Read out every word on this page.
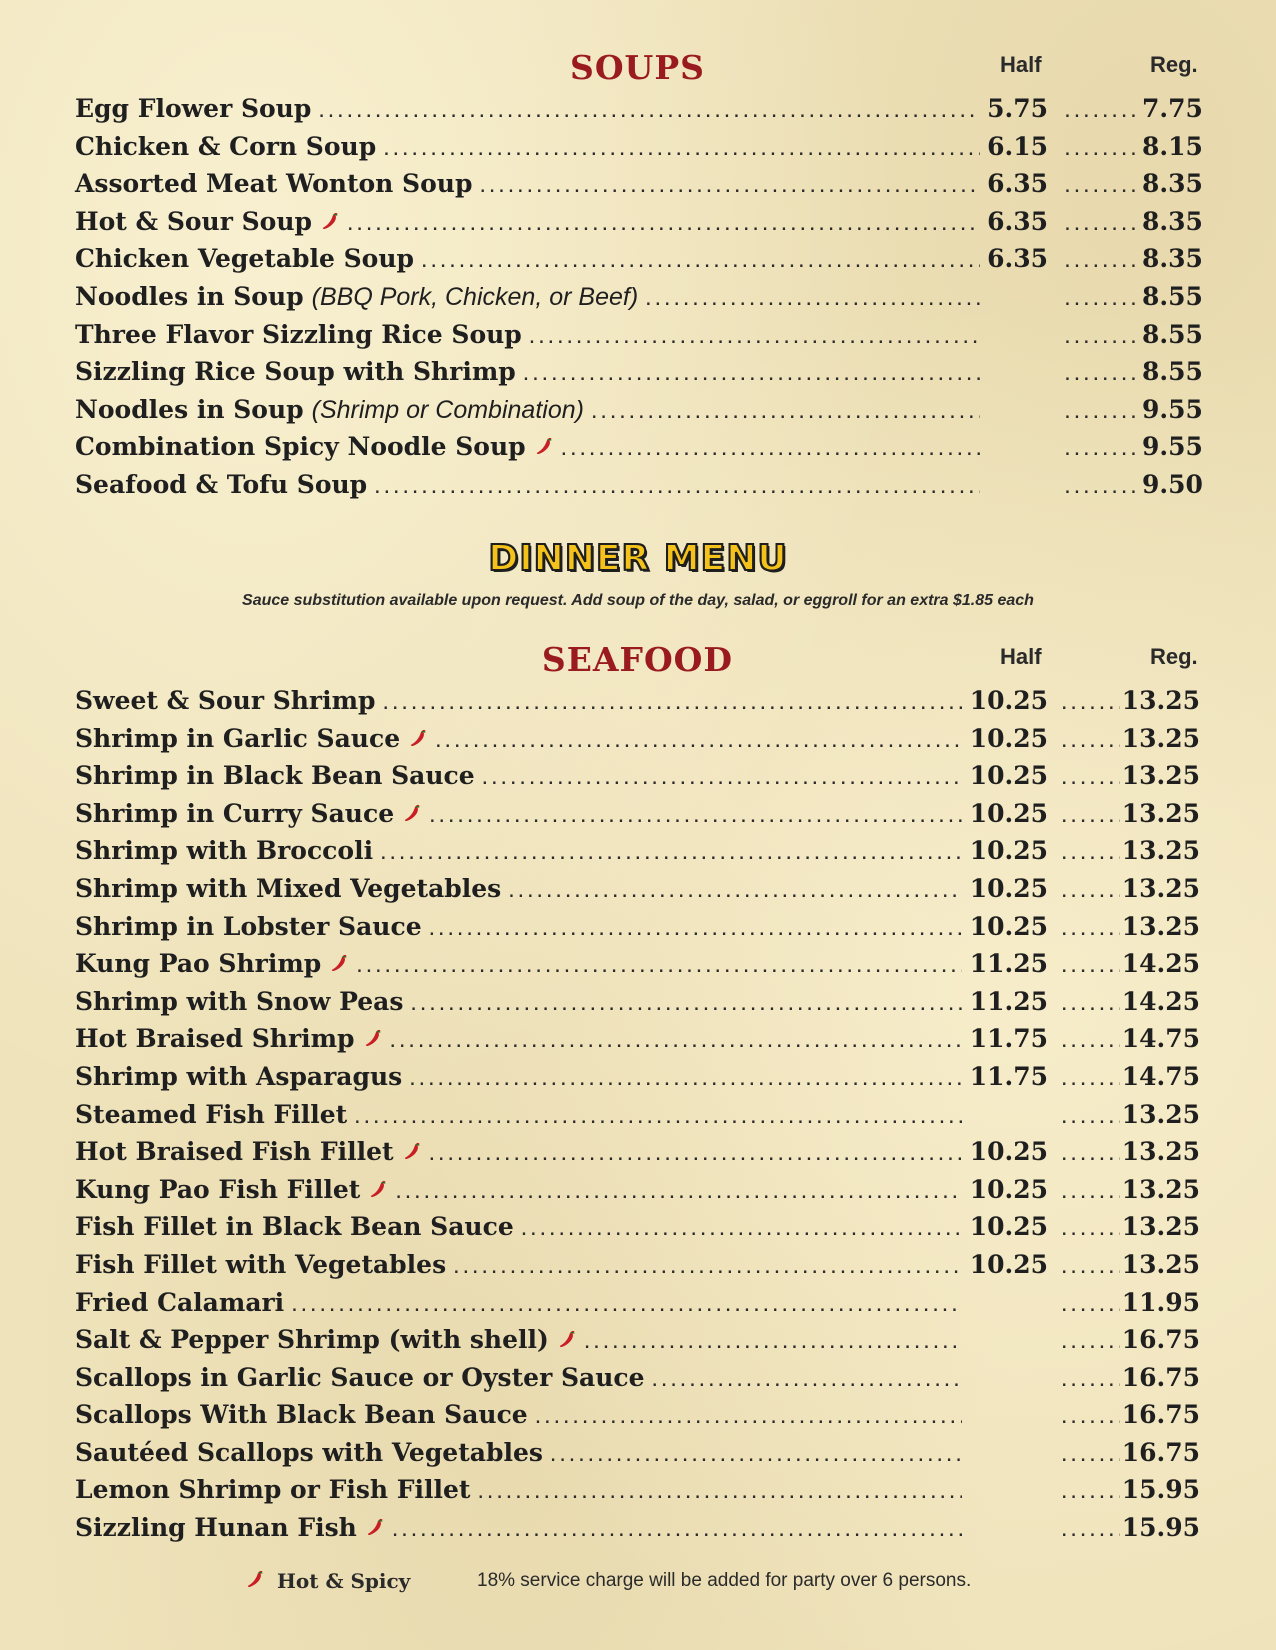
SOUPS	Half	Reg.
Egg Flower Soup .....	5.75 ........	7.75
Chicken & Corn Soup .....	6.15 ........	8.15
Assorted Meat Wonton Soup .....	6.35 ........	8.35
Hot & Sour Soup .....	6.35 ........	8.35
Chicken Vegetable Soup .....	6.35 ........	8.35
Noodles in Soup (BBQ Pork, Chicken, or Beef) ..... ........	8.55
Three Flavor Sizzling Rice Soup ..... ........	8.55
Sizzling Rice Soup with Shrimp ..... ........	8.55
Noodles in Soup (Shrimp or Combination) ..... ........	9.55
Combination Spicy Noodle Soup ..... ........	9.55
Seafood & Tofu Soup ..... ........	9.50
DINNER MENU
Sauce substitution available upon request. Add soup of the day, salad, or eggroll for an extra $1.85 each
SEAFOOD	Half	Reg.
Sweet & Sour Shrimp .....	10.25 ........	13.25
Shrimp in Garlic Sauce .....	10.25 ........	13.25
Shrimp in Black Bean Sauce .....	10.25 ........	13.25
Shrimp in Curry Sauce .....	10.25 ........	13.25
Shrimp with Broccoli .....	10.25 ........	13.25
Shrimp with Mixed Vegetables .....	10.25 ........	13.25
Shrimp in Lobster Sauce .....	10.25 ........	13.25
Kung Pao Shrimp .....	11.25 ........	14.25
Shrimp with Snow Peas .....	11.25 ........	14.25
Hot Braised Shrimp .....	11.75 ........	14.75
Shrimp with Asparagus .....	11.75 ........	14.75
Steamed Fish Fillet ..... ........	13.25
Hot Braised Fish Fillet .....	10.25 ........	13.25
Kung Pao Fish Fillet .....	10.25 ........	13.25
Fish Fillet in Black Bean Sauce .....	10.25 ........	13.25
Fish Fillet with Vegetables .....	10.25 ........	13.25
Fried Calamari ..... ........	11.95
Salt & Pepper Shrimp (with shell) ..... ........	16.75
Scallops in Garlic Sauce or Oyster Sauce ..... ........	16.75
Scallops With Black Bean Sauce ..... ........	16.75
Sautéed Scallops with Vegetables ..... ........	16.75
Lemon Shrimp or Fish Fillet ..... ........	15.95
Sizzling Hunan Fish ..... ........	15.95
Hot & Spicy	18% service charge will be added for party over 6 persons.
